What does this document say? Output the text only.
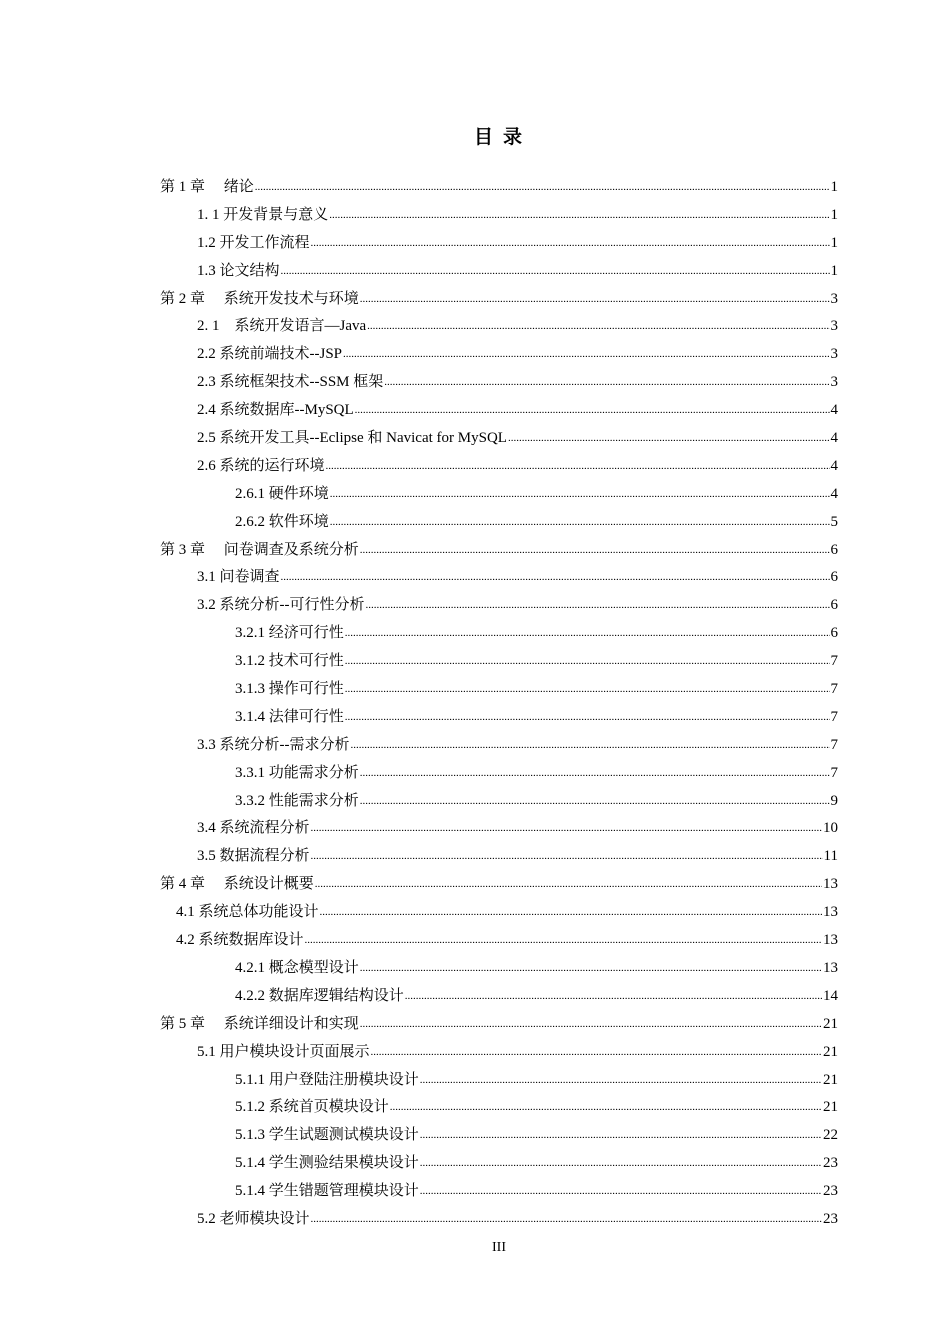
目 录
第 1 章　 绪论 .....	1
1. 1 开发背景与意义 .....	1
1.2 开发工作流程 .....	1
1.3 论文结构 .....	1
第 2 章　 系统开发技术与环境 .....	3
2. 1　系统开发语言—Java .....	3
2.2 系统前端技术--JSP .....	3
2.3 系统框架技术--SSM 框架 .....	3
2.4 系统数据库--MySQL .....	4
2.5 系统开发工具--Eclipse 和 Navicat for MySQL .....	4
2.6 系统的运行环境 .....	4
2.6.1 硬件环境 .....	4
2.6.2 软件环境 .....	5
第 3 章　 问卷调查及系统分析 .....	6
3.1 问卷调查 .....	6
3.2 系统分析--可行性分析 .....	6
3.2.1 经济可行性 .....	6
3.1.2 技术可行性 .....	7
3.1.3 操作可行性 .....	7
3.1.4 法律可行性 .....	7
3.3 系统分析--需求分析 .....	7
3.3.1 功能需求分析 .....	7
3.3.2 性能需求分析 .....	9
3.4 系统流程分析 .....	10
3.5 数据流程分析 .....	11
第 4 章　 系统设计概要 .....	13
4.1 系统总体功能设计 .....	13
4.2 系统数据库设计 .....	13
4.2.1 概念模型设计 .....	13
4.2.2 数据库逻辑结构设计 .....	14
第 5 章　 系统详细设计和实现 .....	21
5.1 用户模块设计页面展示 .....	21
5.1.1 用户登陆注册模块设计 .....	21
5.1.2 系统首页模块设计 .....	21
5.1.3 学生试题测试模块设计 .....	22
5.1.4 学生测验结果模块设计 .....	23
5.1.4 学生错题管理模块设计 .....	23
5.2 老师模块设计 .....	23
III
